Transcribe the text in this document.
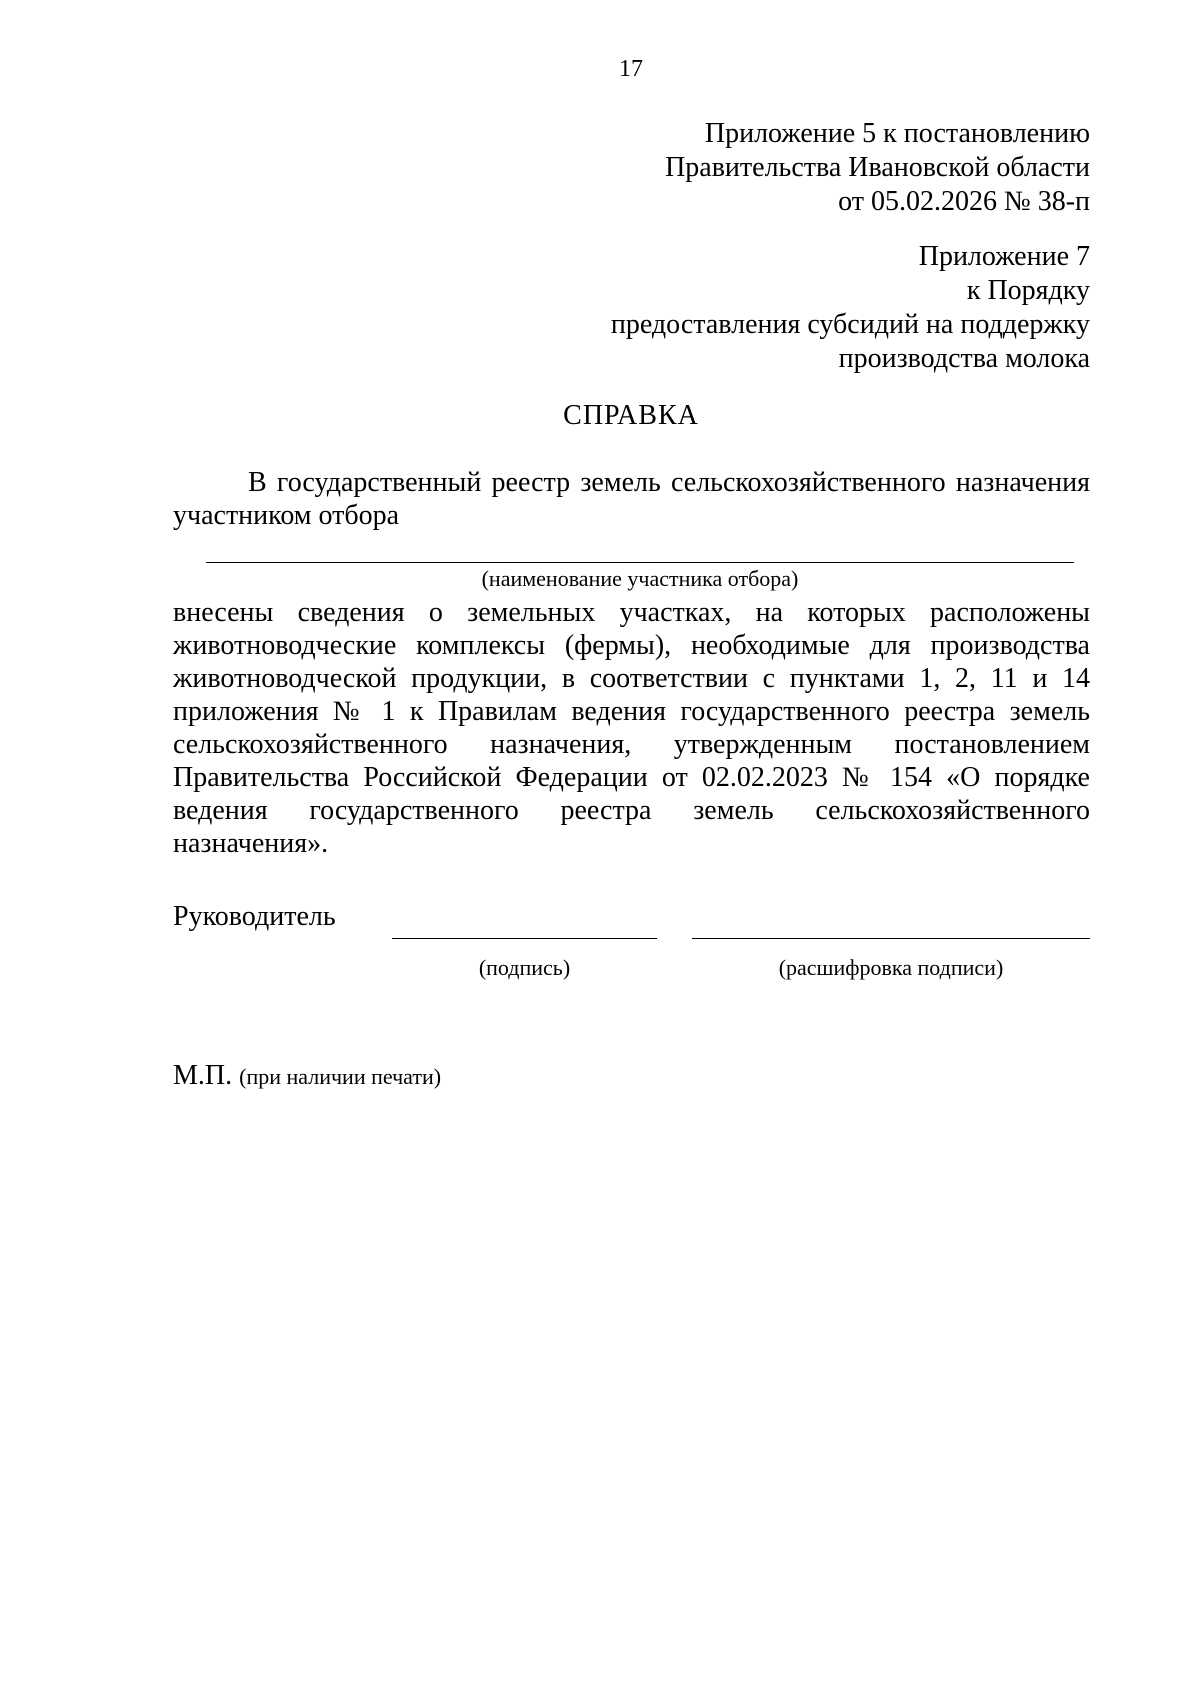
17
Приложение 5 к постановлению
Правительства Ивановской области
от 05.02.2026 № 38-п
Приложение 7
к Порядку
предоставления субсидий на поддержку
производства молока
СПРАВКА
В государственный реестр земель сельскохозяйственного назначения участником отбора
(наименование участника отбора)
внесены сведения о земельных участках, на которых расположены
животноводческие комплексы (фермы), необходимые для производства
животноводческой продукции, в соответствии с пунктами 1, 2, 11 и 14
приложения № 1 к Правилам ведения государственного реестра земель
сельскохозяйственного назначения, утвержденным постановлением
Правительства Российской Федерации от 02.02.2023 № 154 «О порядке
ведения государственного реестра земель сельскохозяйственного
назначения».
Руководитель
(подпись)	(расшифровка подписи)
М.П. (при наличии печати)
